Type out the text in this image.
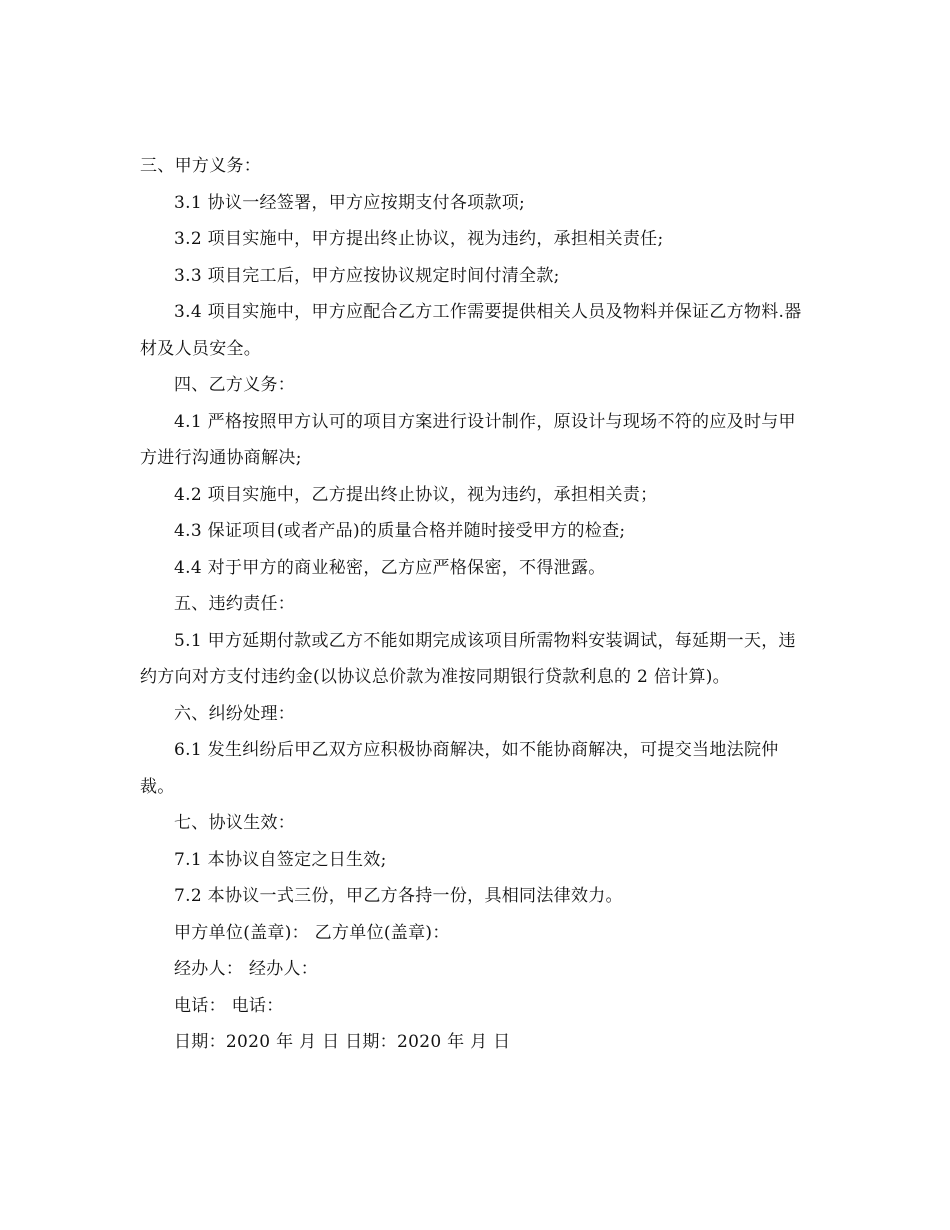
三、甲方义务：
3.1 协议一经签署，甲方应按期支付各项款项;
3.2 项目实施中，甲方提出终止协议，视为违约，承担相关责任;
3.3 项目完工后，甲方应按协议规定时间付清全款;
3.4 项目实施中，甲方应配合乙方工作需要提供相关人员及物料并保证乙方物料.器材及人员安全。
四、乙方义务：
4.1 严格按照甲方认可的项目方案进行设计制作，原设计与现场不符的应及时与甲方进行沟通协商解决;
4.2 项目实施中，乙方提出终止协议，视为违约，承担相关责；
4.3 保证项目(或者产品)的质量合格并随时接受甲方的检查;
4.4 对于甲方的商业秘密，乙方应严格保密，不得泄露。
五、违约责任：
5.1 甲方延期付款或乙方不能如期完成该项目所需物料安装调试，每延期一天，违约方向对方支付违约金(以协议总价款为准按同期银行贷款利息的 2 倍计算)。
六、纠纷处理：
6.1 发生纠纷后甲乙双方应积极协商解决，如不能协商解决，可提交当地法院仲裁。
七、协议生效：
7.1 本协议自签定之日生效;
7.2 本协议一式三份，甲乙方各持一份，具相同法律效力。
甲方单位(盖章)： 乙方单位(盖章)：
经办人： 经办人：
电话： 电话：
日期：2020 年 月 日 日期：2020 年 月 日
